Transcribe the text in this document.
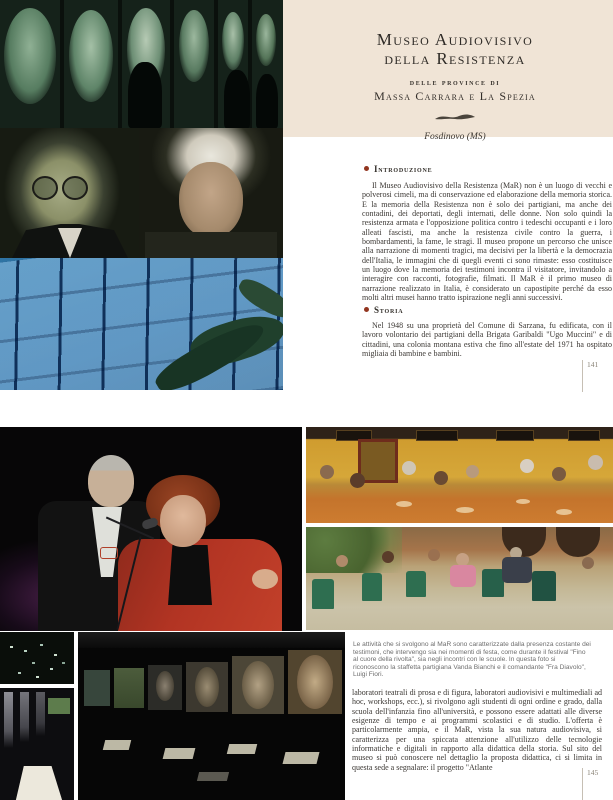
Museo Audiovisivo
della Resistenza
delle province di
Massa Carrara e La Spezia
Fosdinovo (MS)
Introduzione
Il Museo Audiovisivo della Resistenza (MaR) non è un luogo di vecchi e polverosi cimeli, ma di conservazione ed elaborazione della memoria storica. E la memoria della Resistenza non è solo dei partigiani, ma anche dei contadini, dei deportati, degli internati, delle donne. Non solo quindi la resistenza armata e l'opposizione politica contro i tedeschi occupanti e i loro alleati fascisti, ma anche la resistenza civile contro la guerra, i bombardamenti, la fame, le stragi. Il museo propone un percorso che unisce alla narrazione di momenti tragici, ma decisivi per la libertà e la democrazia dell'Italia, le immagini che di quegli eventi ci sono rimaste: esso costituisce un luogo dove la memoria dei testimoni incontra il visitatore, invitandolo a interagire con racconti, fotografie, filmati. Il MaR è il primo museo di narrazione realizzato in Italia, è considerato un capostipite perché da esso molti altri musei hanno tratto ispirazione negli anni successivi.
Storia
Nel 1948 su una proprietà del Comune di Sarzana, fu edificata, con il lavoro volontario dei partigiani della Brigata Garibaldi "Ugo Muccini" e di cittadini, una colonia montana estiva che fino all'estate del 1971 ha ospitato migliaia di bambine e bambini.
141
Le attività che si svolgono al MaR sono caratterizzate dalla presenza costante dei testimoni, che intervengo sia nei momenti di festa, come durante il festival "Fino al cuore della rivolta", sia negli incontri con le scuole. In questa foto si riconoscono la staffetta partigiana Vanda Bianchi e il comandante "Fra Diavolo", Luigi Fiori.
laboratori teatrali di prosa e di figura, laboratori audiovisivi e multimediali ad hoc, workshops, ecc.), si rivolgono agli studenti di ogni ordine e grado, dalla scuola dell'infanzia fino all'università, e possono essere adattati alle diverse esigenze di tempo e ai programmi scolastici e di studio. L'offerta è particolarmente ampia, e il MaR, vista la sua natura audiovisiva, si caratterizza per una spiccata attenzione all'utilizzo delle tecnologie informatiche e digitali in rapporto alla didattica della storia. Sul sito del museo si può conoscere nel dettaglio la proposta didattica, ci si limita in questa sede a segnalare: il progetto "Atlante
145
